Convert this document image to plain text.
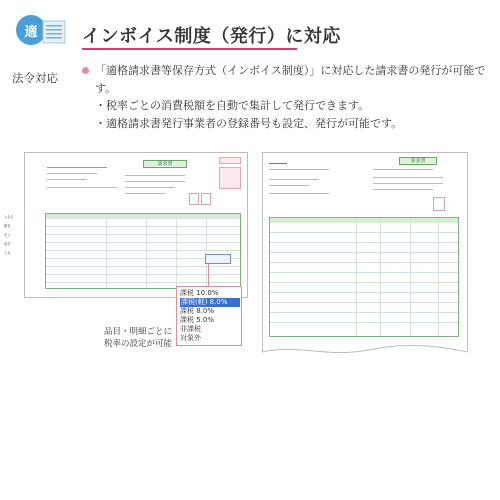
適	インボイス制度（発行）に対応
法令対応
「適格請求書等保存方式（インボイス制度）」に対応した請求書の発行が可能です。
・税率ごとの消費税額を自動で集計して発行できます。
・適格請求書発行事業者の登録番号も設定、発行が可能です。
請求書
入金日
顧客
売上
請求
入金
課税 10.0%
課税(軽) 8.0%
課税 8.0%
課税 5.0%
非課税
対象外
品目・明細ごとに
税率の設定が可能
請求書
